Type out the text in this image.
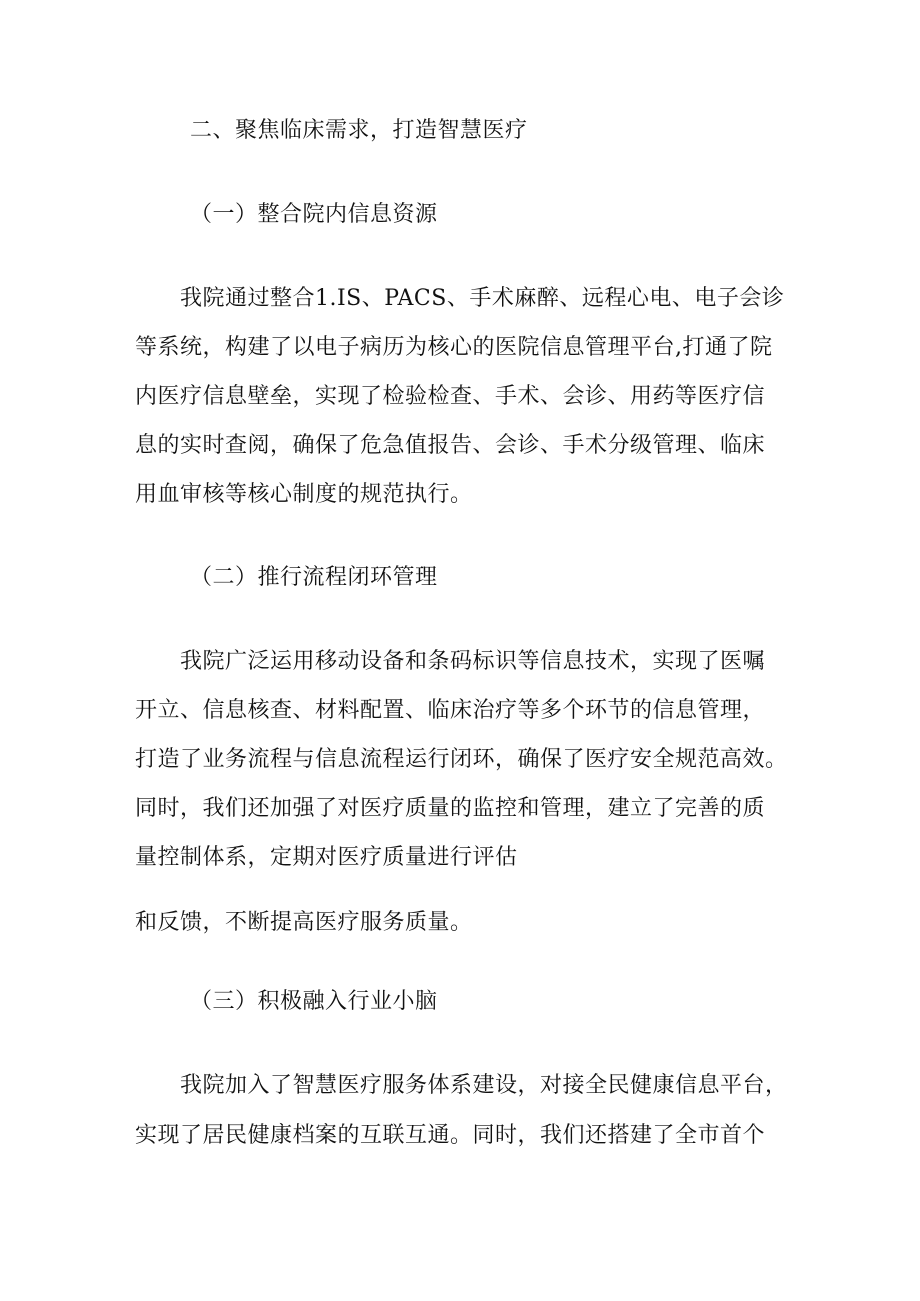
二、聚焦临床需求，打造智慧医疗
（一）整合院内信息资源
我院通过整合1.IS、PACS、手术麻醉、远程心电、电子会诊
等系统，构建了以电子病历为核心的医院信息管理平台,打通了院
内医疗信息壁垒，实现了检验检查、手术、会诊、用药等医疗信
息的实时查阅，确保了危急值报告、会诊、手术分级管理、临床
用血审核等核心制度的规范执行。
（二）推行流程闭环管理
我院广泛运用移动设备和条码标识等信息技术，实现了医嘱
开立、信息核查、材料配置、临床治疗等多个环节的信息管理，
打造了业务流程与信息流程运行闭环，确保了医疗安全规范高效。
同时，我们还加强了对医疗质量的监控和管理，建立了完善的质
量控制体系，定期对医疗质量进行评估
和反馈，不断提高医疗服务质量。
（三）积极融入行业小脑
我院加入了智慧医疗服务体系建设，对接全民健康信息平台，
实现了居民健康档案的互联互通。同时，我们还搭建了全市首个
